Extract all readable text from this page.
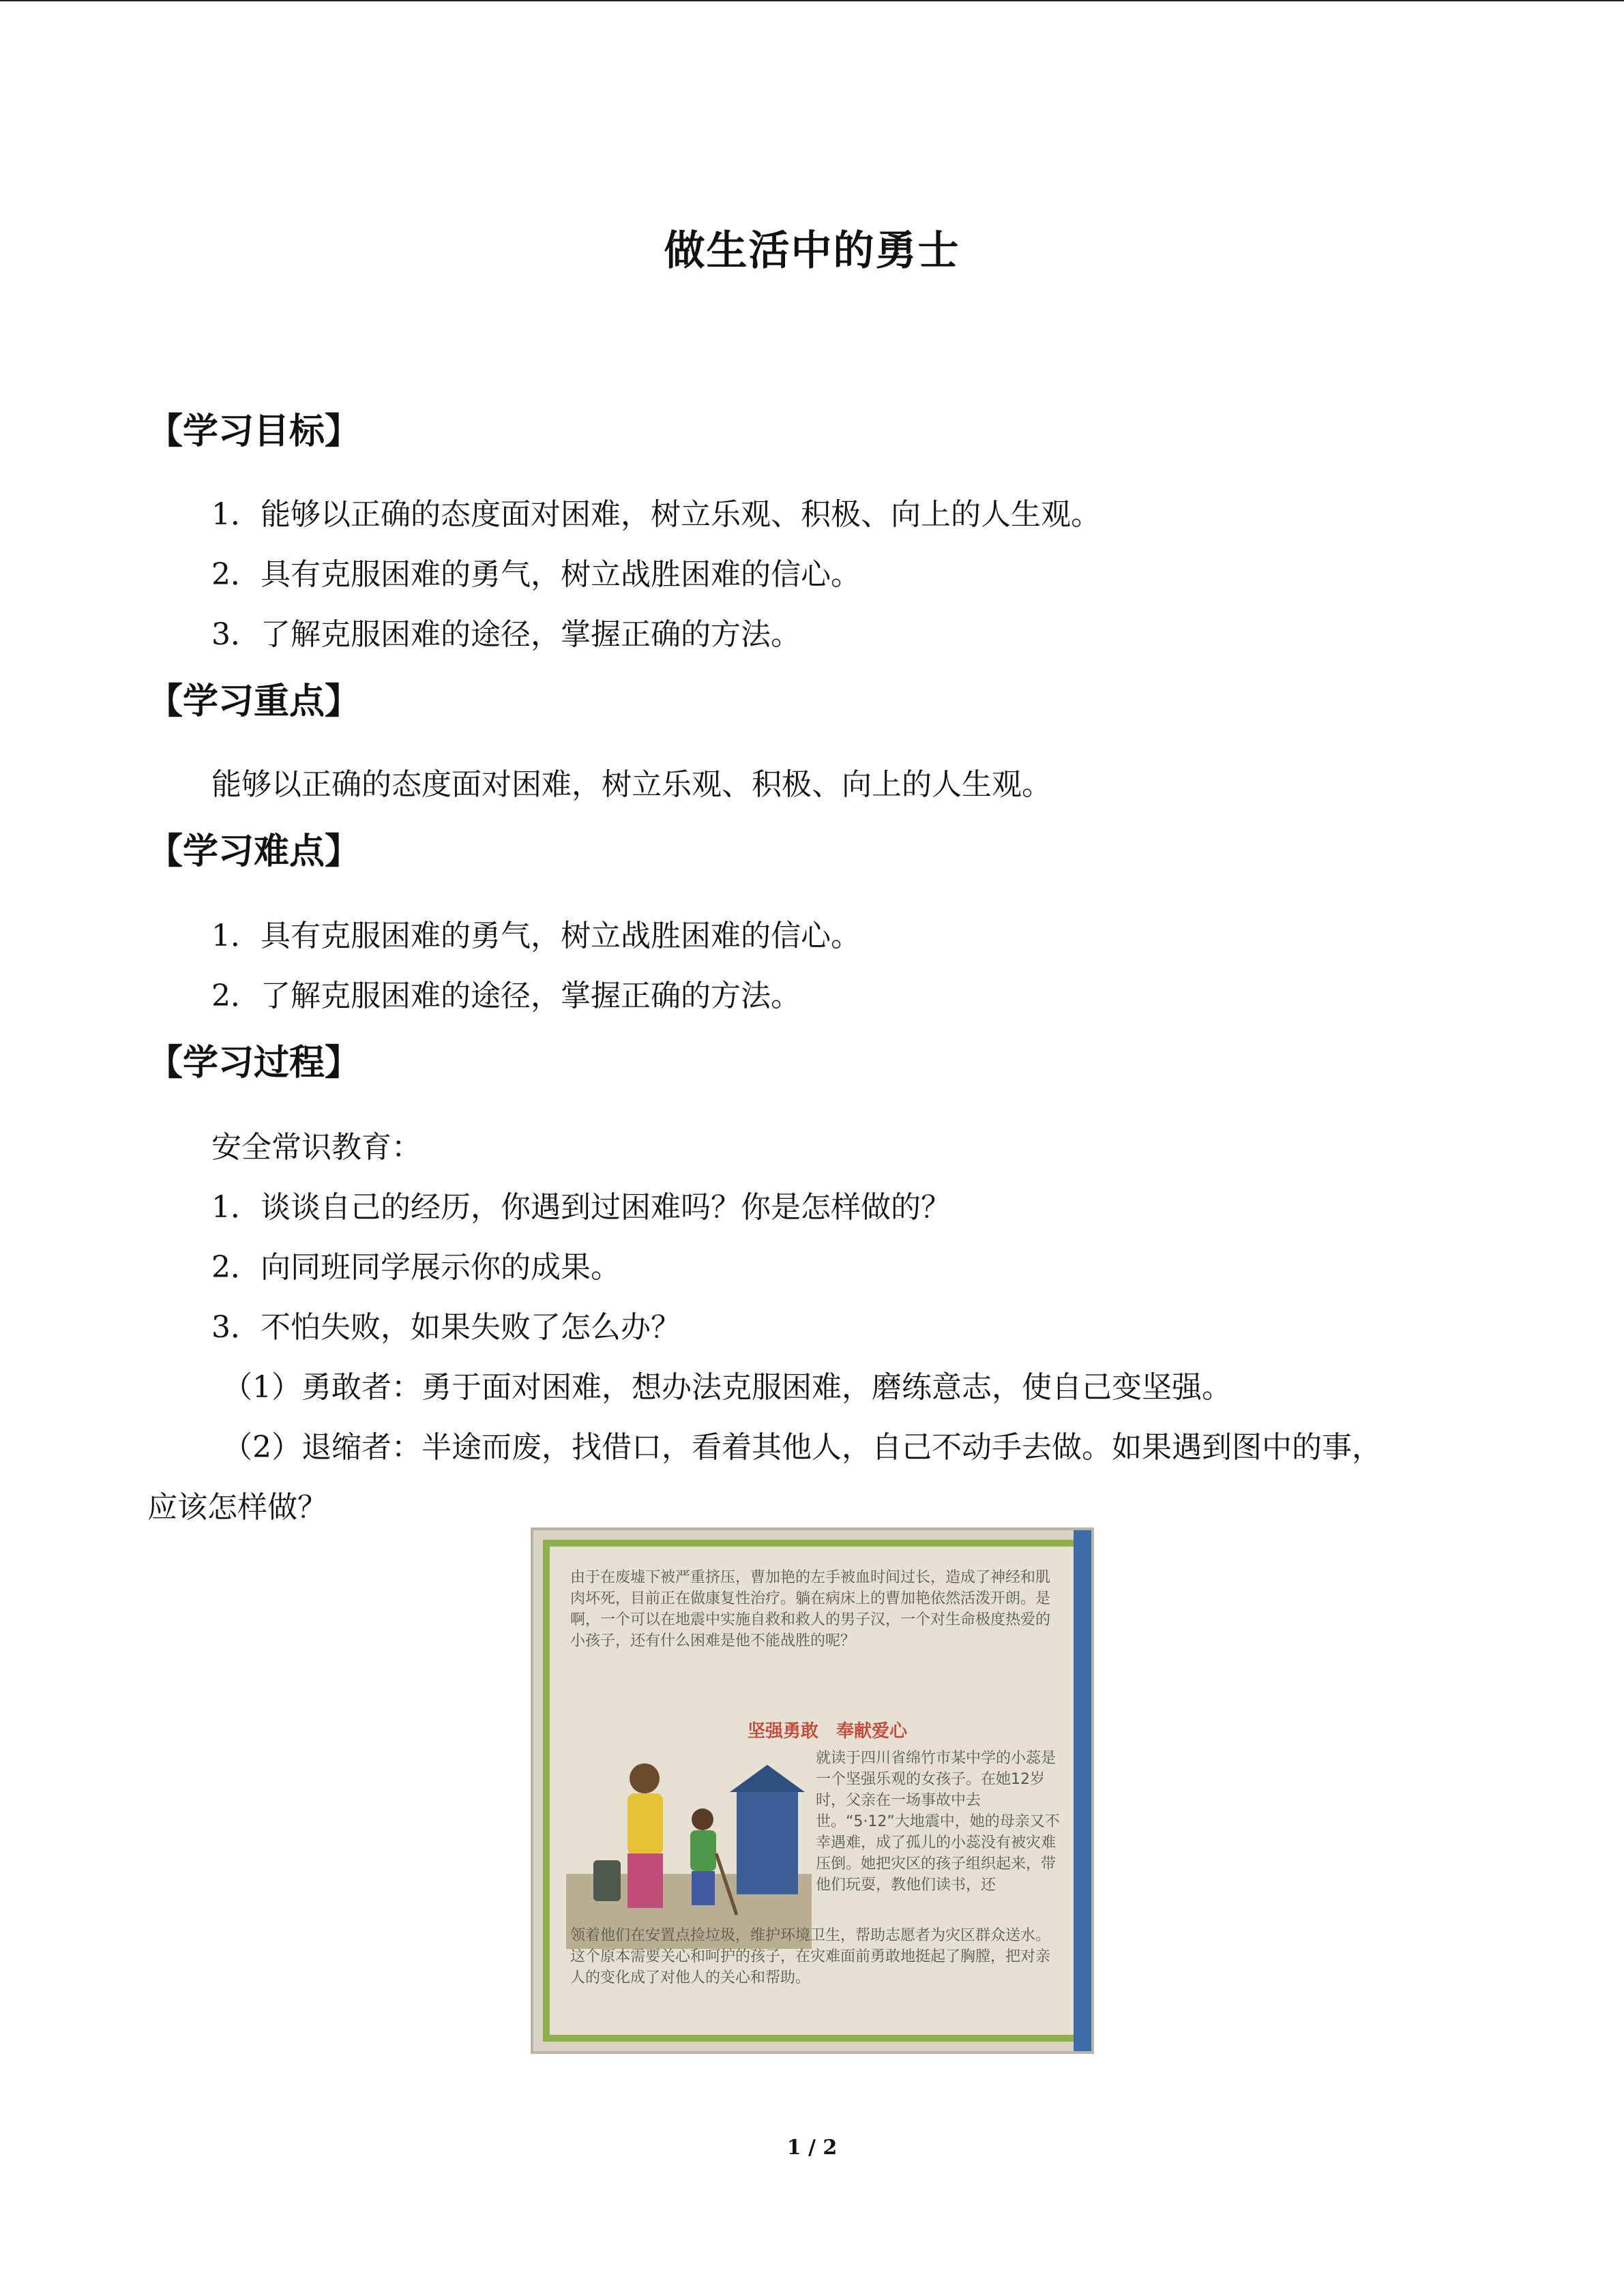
做生活中的勇士
【学习目标】
1．能够以正确的态度面对困难，树立乐观、积极、向上的人生观。
2．具有克服困难的勇气，树立战胜困难的信心。
3．了解克服困难的途径，掌握正确的方法。
【学习重点】
能够以正确的态度面对困难，树立乐观、积极、向上的人生观。
【学习难点】
1．具有克服困难的勇气，树立战胜困难的信心。
2．了解克服困难的途径，掌握正确的方法。
【学习过程】
安全常识教育：
1．谈谈自己的经历，你遇到过困难吗？你是怎样做的？
2．向同班同学展示你的成果。
3．不怕失败，如果失败了怎么办？
（1）勇敢者：勇于面对困难，想办法克服困难，磨练意志，使自己变坚强。
（2）退缩者：半途而废，找借口，看着其他人，自己不动手去做。如果遇到图中的事，
应该怎样做？
由于在废墟下被严重挤压，曹加艳的左手被血时间过长，造成了神经和肌肉坏死，目前正在做康复性治疗。躺在病床上的曹加艳依然活泼开朗。是啊，一个可以在地震中实施自救和救人的男子汉，一个对生命极度热爱的小孩子，还有什么困难是他不能战胜的呢？
坚强勇敢　奉献爱心
就读于四川省绵竹市某中学的小蕊是一个坚强乐观的女孩子。在她12岁时，父亲在一场事故中去世。“5·12”大地震中，她的母亲又不幸遇难，成了孤儿的小蕊没有被灾难压倒。她把灾区的孩子组织起来，带他们玩耍，教他们读书，还
领着他们在安置点捡垃圾，维护环境卫生，帮助志愿者为灾区群众送水。这个原本需要关心和呵护的孩子，在灾难面前勇敢地挺起了胸膛，把对亲人的变化成了对他人的关心和帮助。
1 / 2
